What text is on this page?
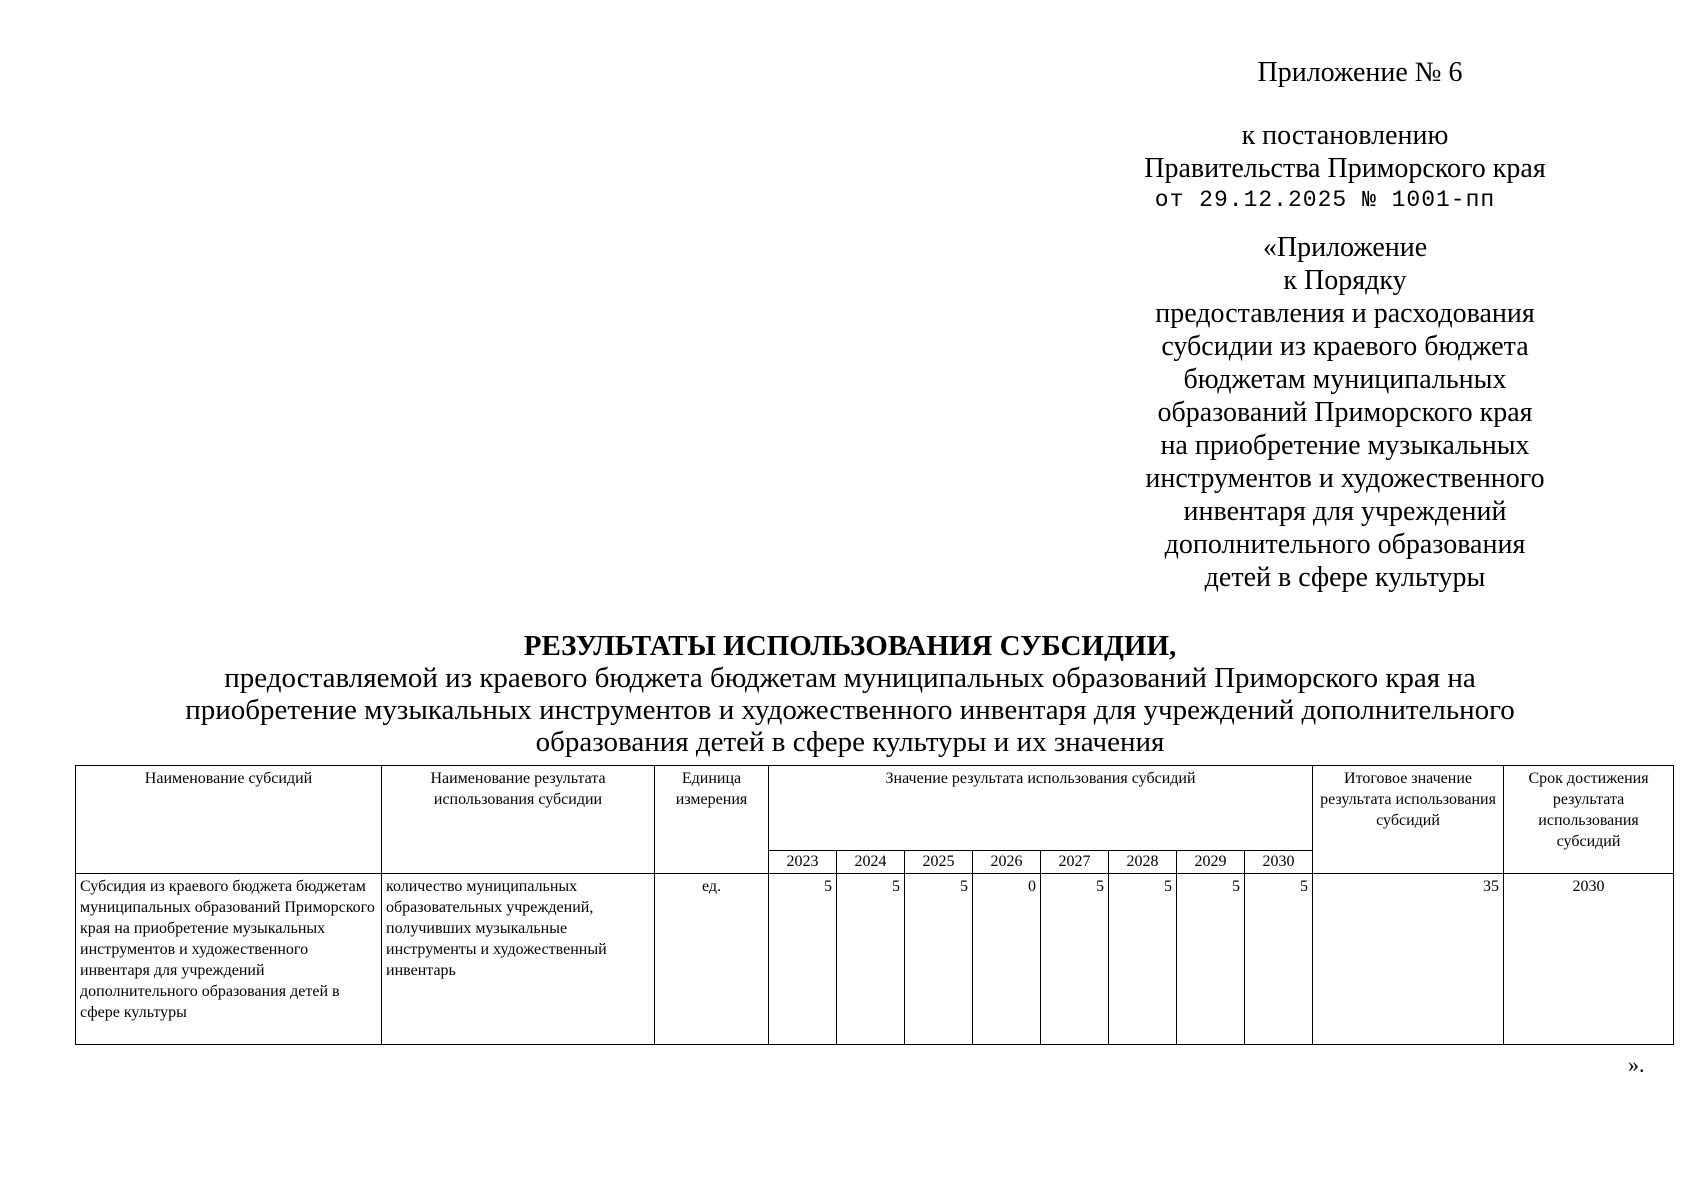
Приложение № 6
к постановлению
Правительства Приморского края
от 29.12.2025 № 1001-пп
«Приложение
к Порядку
предоставления и расходования
субсидии из краевого бюджета
бюджетам муниципальных
образований Приморского края
на приобретение музыкальных
инструментов и художественного
инвентаря для учреждений
дополнительного образования
детей в сфере культуры
РЕЗУЛЬТАТЫ ИСПОЛЬЗОВАНИЯ СУБСИДИИ,
предоставляемой из краевого бюджета бюджетам муниципальных образований Приморского края на приобретение музыкальных инструментов и художественного инвентаря для учреждений дополнительного образования детей в сфере культуры и их значения
Наименование субсидий	Наименование результата использования субсидии	Единица измерения	Значение результата использования субсидий								Итоговое значение результата использования субсидий	Срок достижения результата использования субсидий
			2023	2024	2025	2026	2027	2028	2029	2030		
Субсидия из краевого бюджета бюджетам муниципальных образований Приморского края на приобретение музыкальных инструментов и художественного инвентаря для учреждений дополнительного образования детей в сфере культуры	количество муниципальных образовательных учреждений, получивших музыкальные инструменты и художественный инвентарь	ед.	5	5	5	0	5	5	5	5	35	2030
».
